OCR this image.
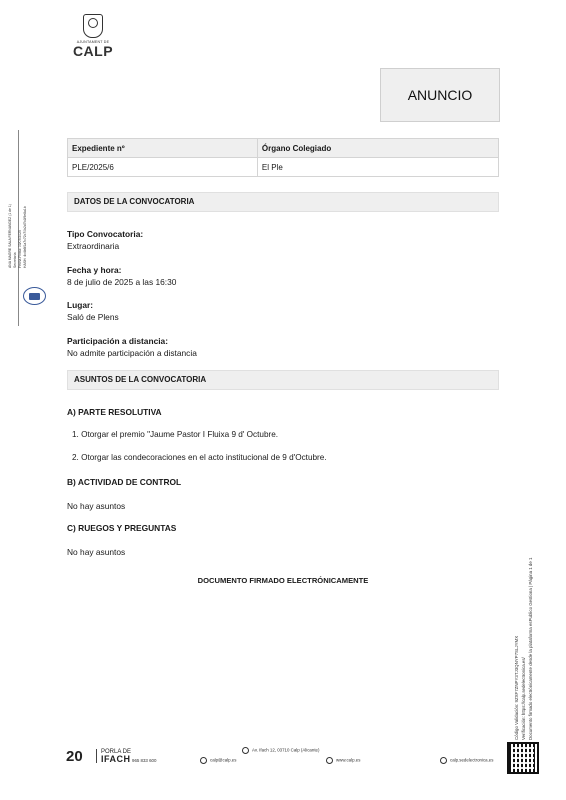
AJUNTAMENT DE
CALP
ANUNCIO
ANA MAGRE SALA FERNANDEZ (1 de 1) Secretaria Fecha Firma: 03/07/2025 HASH: 4c4b6f1a7c72c70b2d7b1f9e8a1b
Expediente nº	Órgano Colegiado
PLE/2025/6	El Ple
DATOS DE LA CONVOCATORIA
Tipo Convocatoria:
Extraordinaria
Fecha y hora:
8 de julio de 2025 a las 16:30
Lugar:
Saló de Plens
Participación a distancia:
No admite participación a distancia
ASUNTOS DE LA CONVOCATORIA
A) PARTE RESOLUTIVA
1. Otorgar el premio "Jaume Pastor I Fluixa 9 d' Octubre.
2. Otorgar las condecoraciones en el acto institucional de 9 d'Octubre.
B) ACTIVIDAD DE CONTROL
No hay asuntos
C) RUEGOS Y PREGUNTAS
No hay asuntos
DOCUMENTO FIRMADO ELECTRÓNICAMENTE
Código Validación: 9ZXF7ZNPY3TJ3QNYP7SLJYMX Verificación: https://calp.sedelectronica.es/ Documento firmado electrónicamente desde la plataforma esPublico Gestiona | Página 1 de 1
20	PORLA DE
IFACH
Av. Ifach 12, 03710 Calp (Alicante)
965 833 600	calp@calp.es	www.calp.es	calp.sedelectronica.es
